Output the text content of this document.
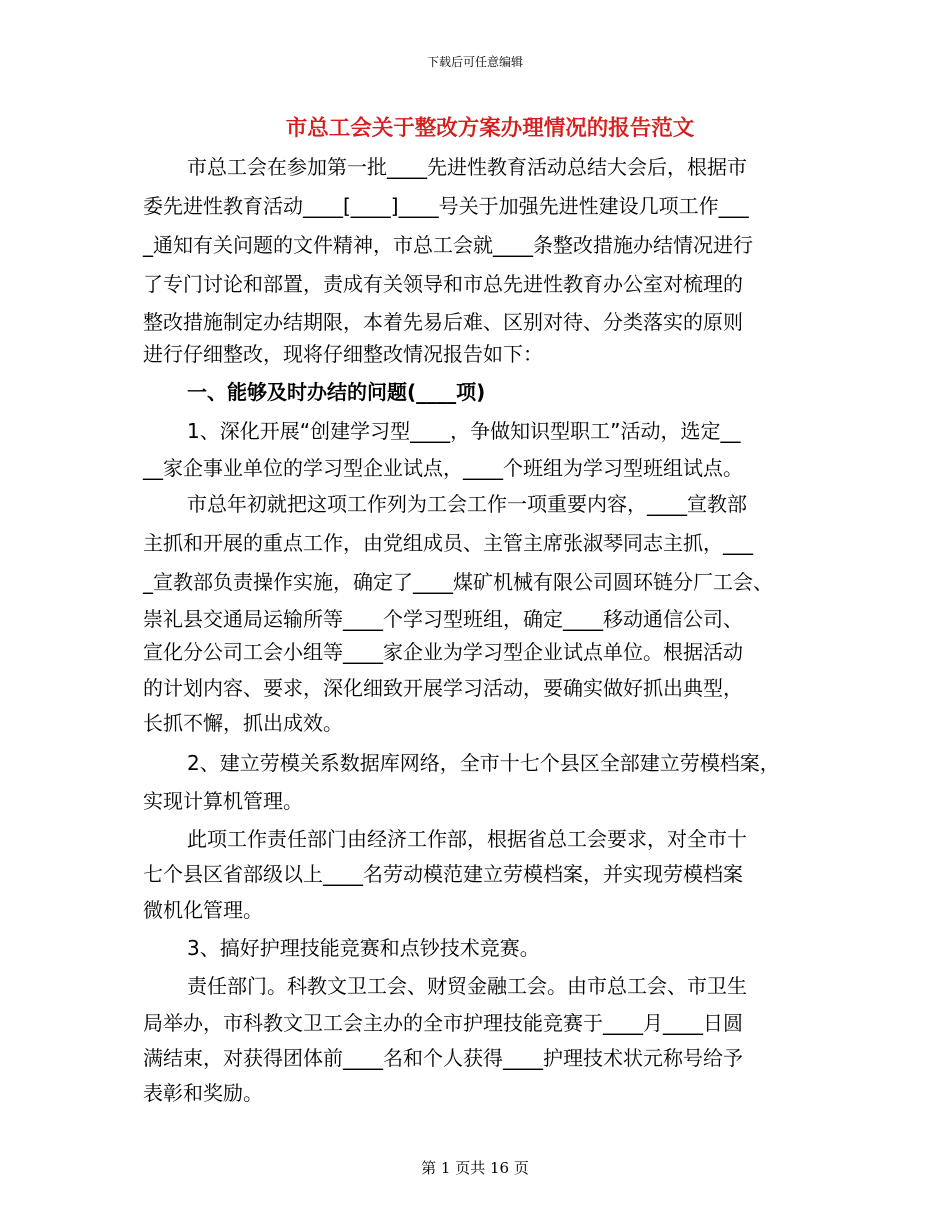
下载后可任意编辑
市总工会关于整改方案办理情况的报告范文
市总工会在参加第一批____先进性教育活动总结大会后，根据市
委先进性教育活动____[____]____号关于加强先进性建设几项工作___
_通知有关问题的文件精神，市总工会就____条整改措施办结情况进行
了专门讨论和部置，责成有关领导和市总先进性教育办公室对梳理的
整改措施制定办结期限，本着先易后难、区别对待、分类落实的原则
进行仔细整改，现将仔细整改情况报告如下：
一、能够及时办结的问题(____项)
1、深化开展“创建学习型____，争做知识型职工”活动，选定__
__家企事业单位的学习型企业试点，____个班组为学习型班组试点。
市总年初就把这项工作列为工会工作一项重要内容，____宣教部
主抓和开展的重点工作，由党组成员、主管主席张淑琴同志主抓，___
_宣教部负责操作实施，确定了____煤矿机械有限公司圆环链分厂工会、
崇礼县交通局运输所等____个学习型班组，确定____移动通信公司、
宣化分公司工会小组等____家企业为学习型企业试点单位。根据活动
的计划内容、要求，深化细致开展学习活动，要确实做好抓出典型，
长抓不懈，抓出成效。
2、建立劳模关系数据库网络，全市十七个县区全部建立劳模档案，
实现计算机管理。
此项工作责任部门由经济工作部，根据省总工会要求，对全市十
七个县区省部级以上____名劳动模范建立劳模档案，并实现劳模档案
微机化管理。
3、搞好护理技能竞赛和点钞技术竞赛。
责任部门。科教文卫工会、财贸金融工会。由市总工会、市卫生
局举办，市科教文卫工会主办的全市护理技能竞赛于____月____日圆
满结束，对获得团体前____名和个人获得____护理技术状元称号给予
表彰和奖励。
第 1 页共 16 页
